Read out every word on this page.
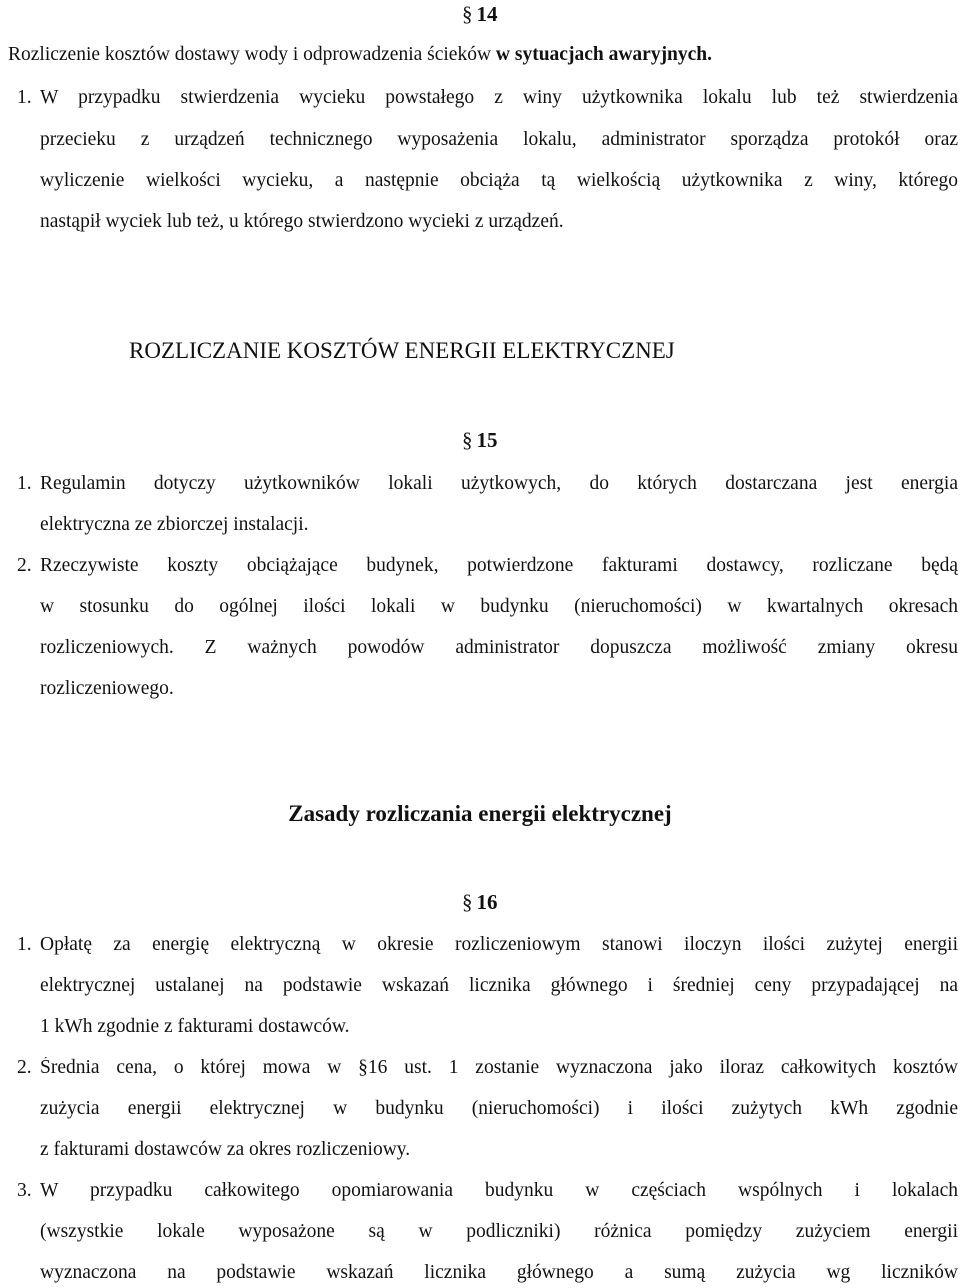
§ 14
Rozliczenie kosztów dostawy wody i odprowadzenia ścieków w sytuacjach awaryjnych.
1. W przypadku stwierdzenia wycieku powstałego z winy użytkownika lokalu lub też stwierdzenia
przecieku z urządzeń technicznego wyposażenia lokalu, administrator sporządza protokół oraz
wyliczenie wielkości wycieku, a następnie obciąża tą wielkością użytkownika z winy, którego
nastąpił wyciek lub też, u którego stwierdzono wycieki z urządzeń.
ROZLICZANIE KOSZTÓW ENERGII ELEKTRYCZNEJ
§ 15
1. Regulamin dotyczy użytkowników lokali użytkowych, do których dostarczana jest energia
elektryczna ze zbiorczej instalacji.
2. Rzeczywiste koszty obciążające budynek, potwierdzone fakturami dostawcy, rozliczane będą
w stosunku do ogólnej ilości lokali w budynku (nieruchomości) w kwartalnych okresach
rozliczeniowych. Z ważnych powodów administrator dopuszcza możliwość zmiany okresu
rozliczeniowego.
Zasady rozliczania energii elektrycznej
§ 16
1. Opłatę za energię elektryczną w okresie rozliczeniowym stanowi iloczyn ilości zużytej energii
elektrycznej ustalanej na podstawie wskazań licznika głównego i średniej ceny przypadającej na
1 kWh zgodnie z fakturami dostawców.
2. Średnia cena, o której mowa w §16 ust. 1 zostanie wyznaczona jako iloraz całkowitych kosztów
zużycia energii elektrycznej w budynku (nieruchomości) i ilości zużytych kWh zgodnie
z fakturami dostawców za okres rozliczeniowy.
3. W przypadku całkowitego opomiarowania budynku w częściach wspólnych i lokalach
(wszystkie lokale wyposażone są w podliczniki) różnica pomiędzy zużyciem energii
wyznaczona na podstawie wskazań licznika głównego a sumą zużycia wg liczników
